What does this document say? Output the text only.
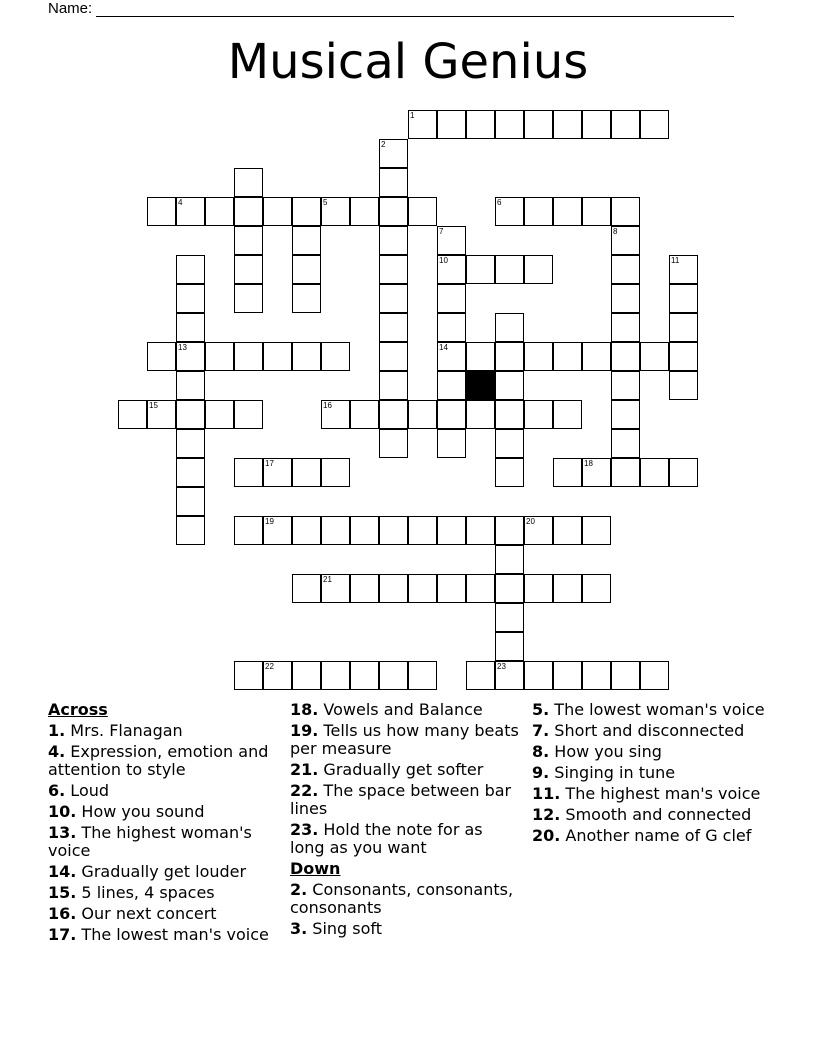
Name:
Musical Genius
1
4	5	6
10
13	14
15	16
17	18
19	20
21
22	23
2
7	8
11
Across
1. Mrs. Flanagan
4. Expression, emotion and attention to style
6. Loud
10. How you sound
13. The highest woman's voice
14. Gradually get louder
15. 5 lines, 4 spaces
16. Our next concert
17. The lowest man's voice
18. Vowels and Balance
19. Tells us how many beats per measure
21. Gradually get softer
22. The space between bar lines
23. Hold the note for as long as you want
Down
2. Consonants, consonants, consonants
3. Sing soft
5. The lowest woman's voice
7. Short and disconnected
8. How you sing
9. Singing in tune
11. The highest man's voice
12. Smooth and connected
20. Another name of G clef
